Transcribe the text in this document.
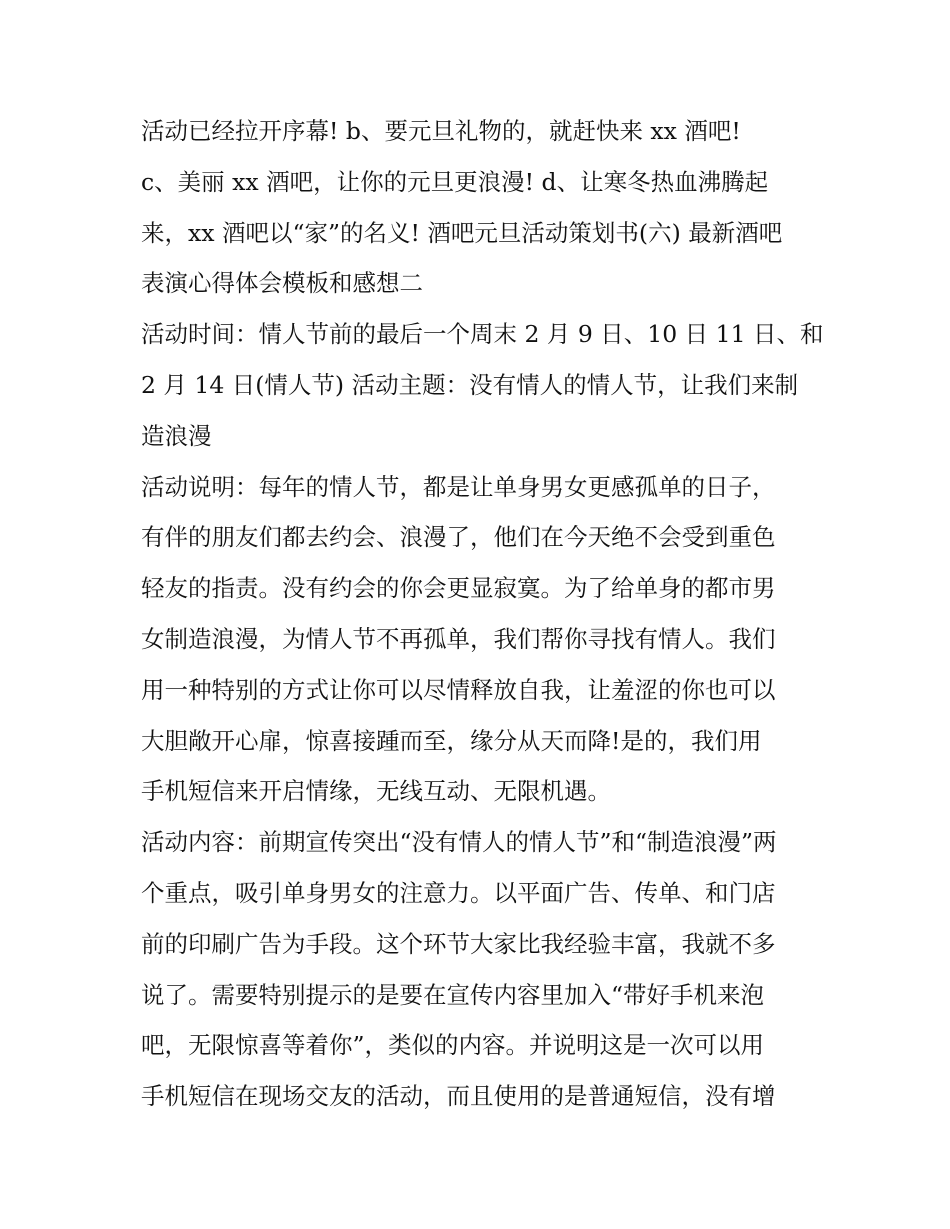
活动已经拉开序幕! b、要元旦礼物的，就赶快来 xx 酒吧!
c、美丽 xx 酒吧，让你的元旦更浪漫! d、让寒冬热血沸腾起
来，xx 酒吧以“家”的名义! 酒吧元旦活动策划书(六) 最新酒吧
表演心得体会模板和感想二
活动时间：情人节前的最后一个周末 2 月 9 日、10 日 11 日、和
2 月 14 日(情人节) 活动主题：没有情人的情人节，让我们来制
造浪漫
活动说明：每年的情人节，都是让单身男女更感孤单的日子，
有伴的朋友们都去约会、浪漫了，他们在今天绝不会受到重色
轻友的指责。没有约会的你会更显寂寞。为了给单身的都市男
女制造浪漫，为情人节不再孤单，我们帮你寻找有情人。我们
用一种特别的方式让你可以尽情释放自我，让羞涩的你也可以
大胆敞开心扉，惊喜接踵而至，缘分从天而降!是的，我们用
手机短信来开启情缘，无线互动、无限机遇。
活动内容：前期宣传突出“没有情人的情人节”和“制造浪漫”两
个重点，吸引单身男女的注意力。以平面广告、传单、和门店
前的印刷广告为手段。这个环节大家比我经验丰富，我就不多
说了。需要特别提示的是要在宣传内容里加入“带好手机来泡
吧，无限惊喜等着你”，类似的内容。并说明这是一次可以用
手机短信在现场交友的活动，而且使用的是普通短信，没有增
